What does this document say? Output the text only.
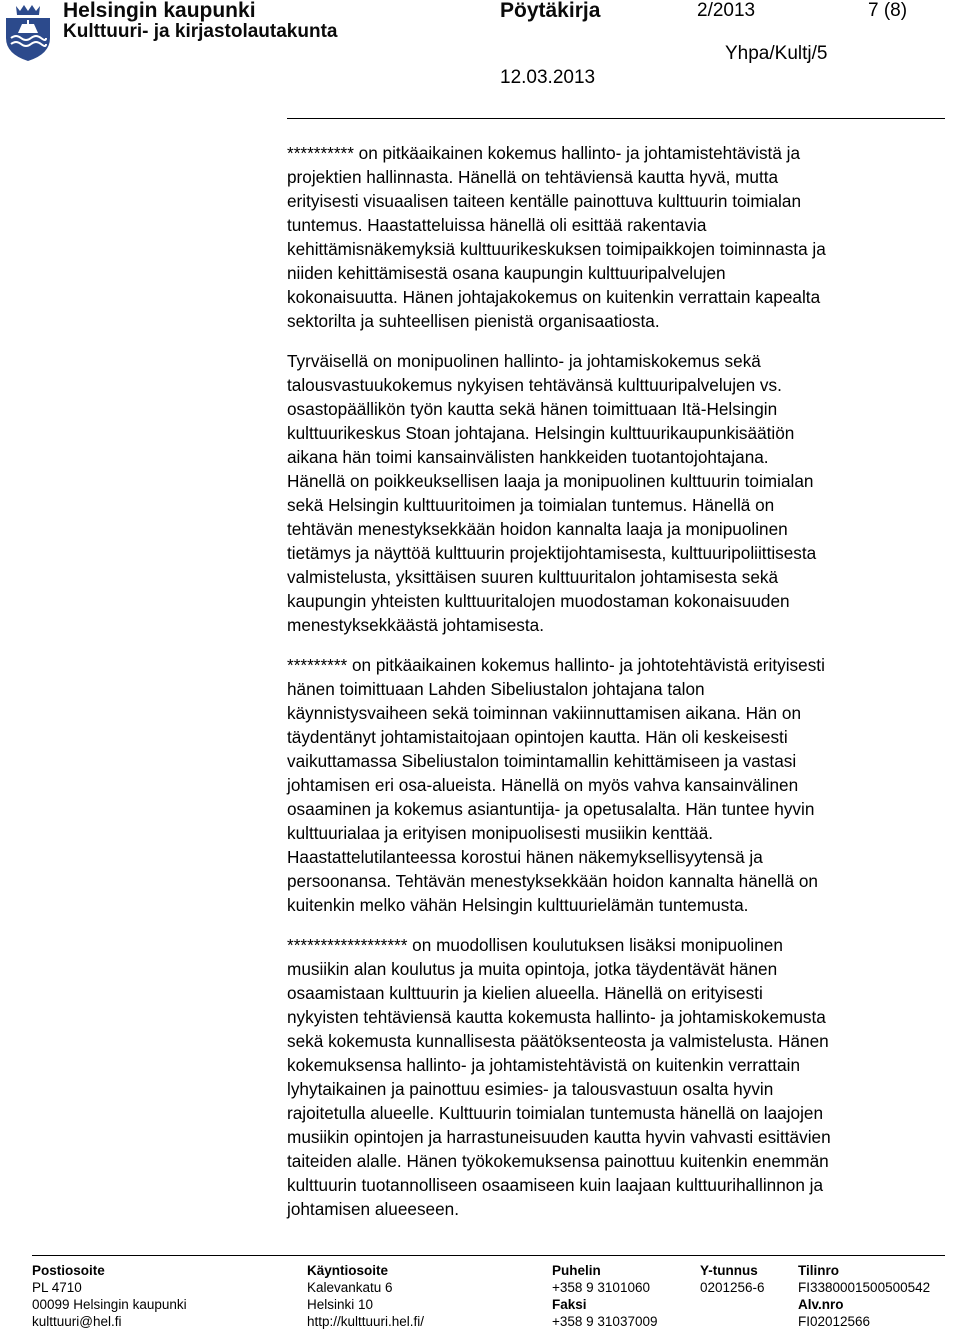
Helsingin kaupunki
Kulttuuri- ja kirjastolautakunta
Pöytäkirja	2/2013	7 (8)
Yhpa/Kultj/5
12.03.2013

********** on pitkäaikainen kokemus hallinto- ja johtamistehtävistä ja
projektien hallinnasta. Hänellä on tehtäviensä kautta hyvä, mutta
erityisesti visuaalisen taiteen kentälle painottuva kulttuurin toimialan
tuntemus. Haastatteluissa hänellä oli esittää rakentavia
kehittämisnäkemyksiä kulttuurikeskuksen toimipaikkojen toiminnasta ja
niiden kehittämisestä osana kaupungin kulttuuripalvelujen
kokonaisuutta. Hänen johtajakokemus on kuitenkin verrattain kapealta
sektorilta ja suhteellisen pienistä organisaatiosta.

Tyrväisellä on monipuolinen hallinto- ja johtamiskokemus sekä
talousvastuukokemus nykyisen tehtävänsä kulttuuripalvelujen vs.
osastopäällikön työn kautta sekä hänen toimittuaan Itä-Helsingin
kulttuurikeskus Stoan johtajana. Helsingin kulttuurikaupunkisäätiön
aikana hän toimi kansainvälisten hankkeiden tuotantojohtajana.
Hänellä on poikkeuksellisen laaja ja monipuolinen kulttuurin toimialan
sekä Helsingin kulttuuritoimen ja toimialan tuntemus. Hänellä on
tehtävän menestyksekkään hoidon kannalta laaja ja monipuolinen
tietämys ja näyttöä kulttuurin projektijohtamisesta, kulttuuripoliittisesta
valmistelusta, yksittäisen suuren kulttuuritalon johtamisesta sekä
kaupungin yhteisten kulttuuritalojen muodostaman kokonaisuuden
menestyksekkäästä johtamisesta.

********* on pitkäaikainen kokemus hallinto- ja johtotehtävistä erityisesti
hänen toimittuaan Lahden Sibeliustalon johtajana talon
käynnistysvaiheen sekä toiminnan vakiinnuttamisen aikana. Hän on
täydentänyt johtamistaitojaan opintojen kautta. Hän oli keskeisesti
vaikuttamassa Sibeliustalon toimintamallin kehittämiseen ja vastasi
johtamisen eri osa-alueista. Hänellä on myös vahva kansainvälinen
osaaminen ja kokemus asiantuntija- ja opetusalalta. Hän tuntee hyvin
kulttuurialaa ja erityisen monipuolisesti musiikin kenttää.
Haastattelutilanteessa korostui hänen näkemyksellisyytensä ja
persoonansa. Tehtävän menestyksekkään hoidon kannalta hänellä on
kuitenkin melko vähän Helsingin kulttuurielämän tuntemusta.

****************** on muodollisen koulutuksen lisäksi monipuolinen
musiikin alan koulutus ja muita opintoja, jotka täydentävät hänen
osaamistaan kulttuurin ja kielien alueella. Hänellä on erityisesti
nykyisten tehtäviensä kautta kokemusta hallinto- ja johtamiskokemusta
sekä kokemusta kunnallisesta päätöksenteosta ja valmistelusta. Hänen
kokemuksensa hallinto- ja johtamistehtävistä on kuitenkin verrattain
lyhytaikainen ja painottuu esimies- ja talousvastuun osalta hyvin
rajoitetulla alueelle. Kulttuurin toimialan tuntemusta hänellä on laajojen
musiikin opintojen ja harrastuneisuuden kautta hyvin vahvasti esittävien
taiteiden alalle. Hänen työkokemuksensa painottuu kuitenkin enemmän
kulttuurin tuotannolliseen osaamiseen kuin laajaan kulttuurihallinnon ja
johtamisen alueeseen.

Postiosoite
PL 4710
00099 Helsingin kaupunki
kulttuuri@hel.fi
Käyntiosoite
Kalevankatu 6
Helsinki 10
http://kulttuuri.hel.fi/
Puhelin
+358 9 3101060
Faksi
+358 9 31037009
Y-tunnus
0201256-6
Tilinro
FI3380001500500542
Alv.nro
FI02012566
